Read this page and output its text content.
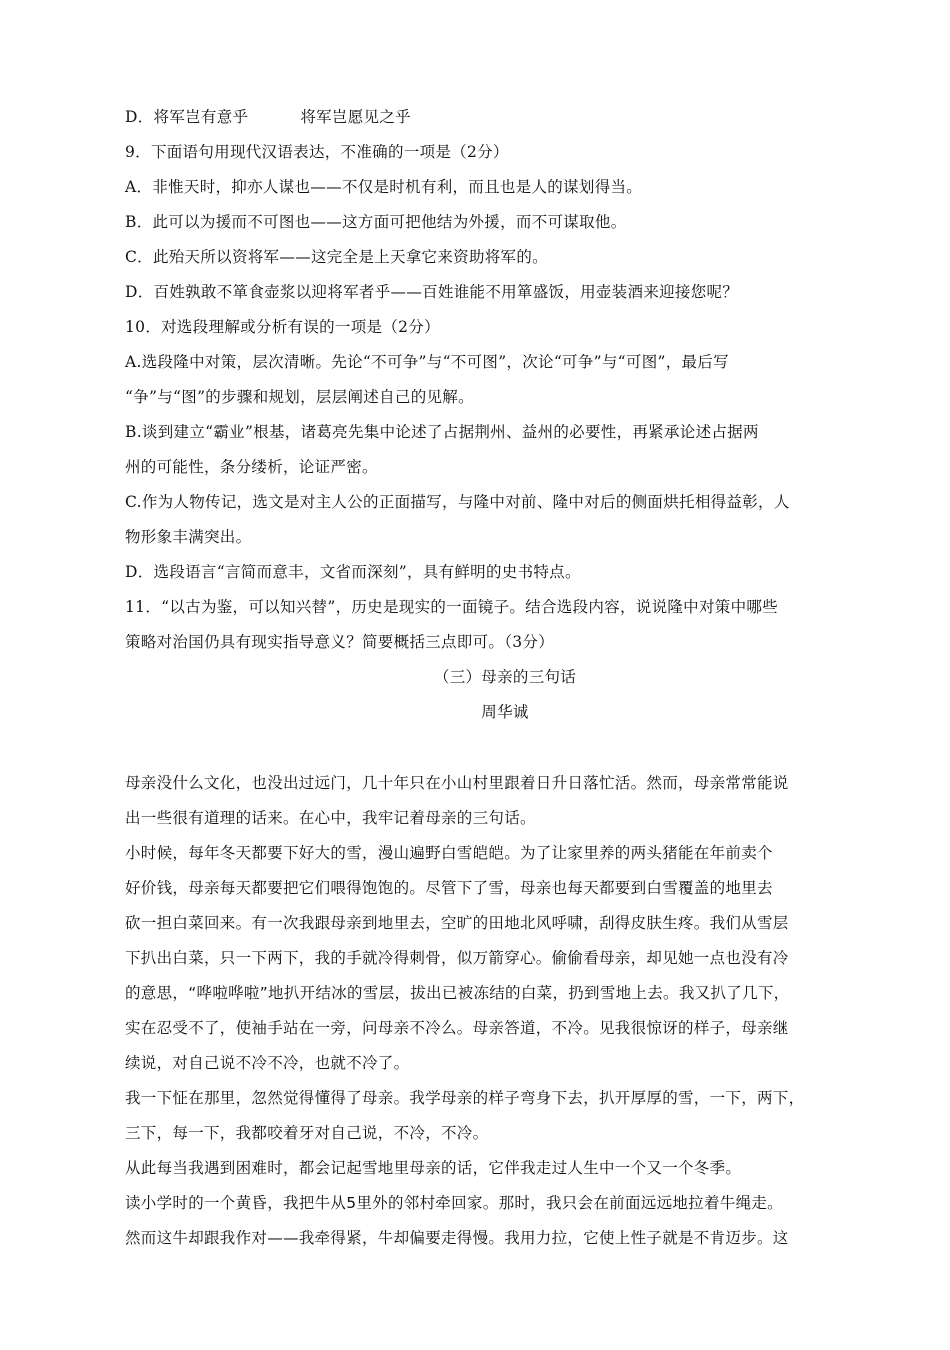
D．将军岂有意乎	将军岂愿见之乎
9．下面语句用现代汉语表达，不准确的一项是（2分）
A．非惟天时，抑亦人谋也——不仅是时机有利，而且也是人的谋划得当。
B．此可以为援而不可图也——这方面可把他结为外援，而不可谋取他。
C．此殆天所以资将军——这完全是上天拿它来资助将军的。
D．百姓孰敢不箪食壶浆以迎将军者乎——百姓谁能不用箪盛饭，用壶装酒来迎接您呢？
10．对选段理解或分析有误的一项是（2分）
A.选段隆中对策，层次清晰。先论“不可争”与“不可图”，次论“可争”与“可图”，最后写
“争”与“图”的步骤和规划，层层阐述自己的见解。
B.谈到建立“霸业”根基，诸葛亮先集中论述了占据荆州、益州的必要性，再紧承论述占据两
州的可能性，条分缕析，论证严密。
C.作为人物传记，选文是对主人公的正面描写，与隆中对前、隆中对后的侧面烘托相得益彰，人
物形象丰满突出。
D．选段语言“言简而意丰，文省而深刻”，具有鲜明的史书特点。
11．“以古为鉴，可以知兴替”，历史是现实的一面镜子。结合选段内容，说说隆中对策中哪些
策略对治国仍具有现实指导意义？简要概括三点即可。（3分）
（三）母亲的三句话
周华诚
母亲没什么文化，也没出过远门，几十年只在小山村里跟着日升日落忙活。然而，母亲常常能说
出一些很有道理的话来。在心中，我牢记着母亲的三句话。
小时候，每年冬天都要下好大的雪，漫山遍野白雪皑皑。为了让家里养的两头猪能在年前卖个
好价钱，母亲每天都要把它们喂得饱饱的。尽管下了雪，母亲也每天都要到白雪覆盖的地里去
砍一担白菜回来。有一次我跟母亲到地里去，空旷的田地北风呼啸，刮得皮肤生疼。我们从雪层
下扒出白菜，只一下两下，我的手就冷得刺骨，似万箭穿心。偷偷看母亲，却见她一点也没有冷
的意思，“哗啦哗啦”地扒开结冰的雪层，拔出已被冻结的白菜，扔到雪地上去。我又扒了几下，
实在忍受不了，使袖手站在一旁，问母亲不冷么。母亲答道，不冷。见我很惊讶的样子，母亲继
续说，对自己说不冷不冷，也就不冷了。
我一下怔在那里，忽然觉得懂得了母亲。我学母亲的样子弯身下去，扒开厚厚的雪，一下，两下，
三下，每一下，我都咬着牙对自己说，不冷，不冷。
从此每当我遇到困难时，都会记起雪地里母亲的话，它伴我走过人生中一个又一个冬季。
读小学时的一个黄昏，我把牛从5里外的邻村牵回家。那时，我只会在前面远远地拉着牛绳走。
然而这牛却跟我作对——我牵得紧，牛却偏要走得慢。我用力拉，它使上性子就是不肯迈步。这
